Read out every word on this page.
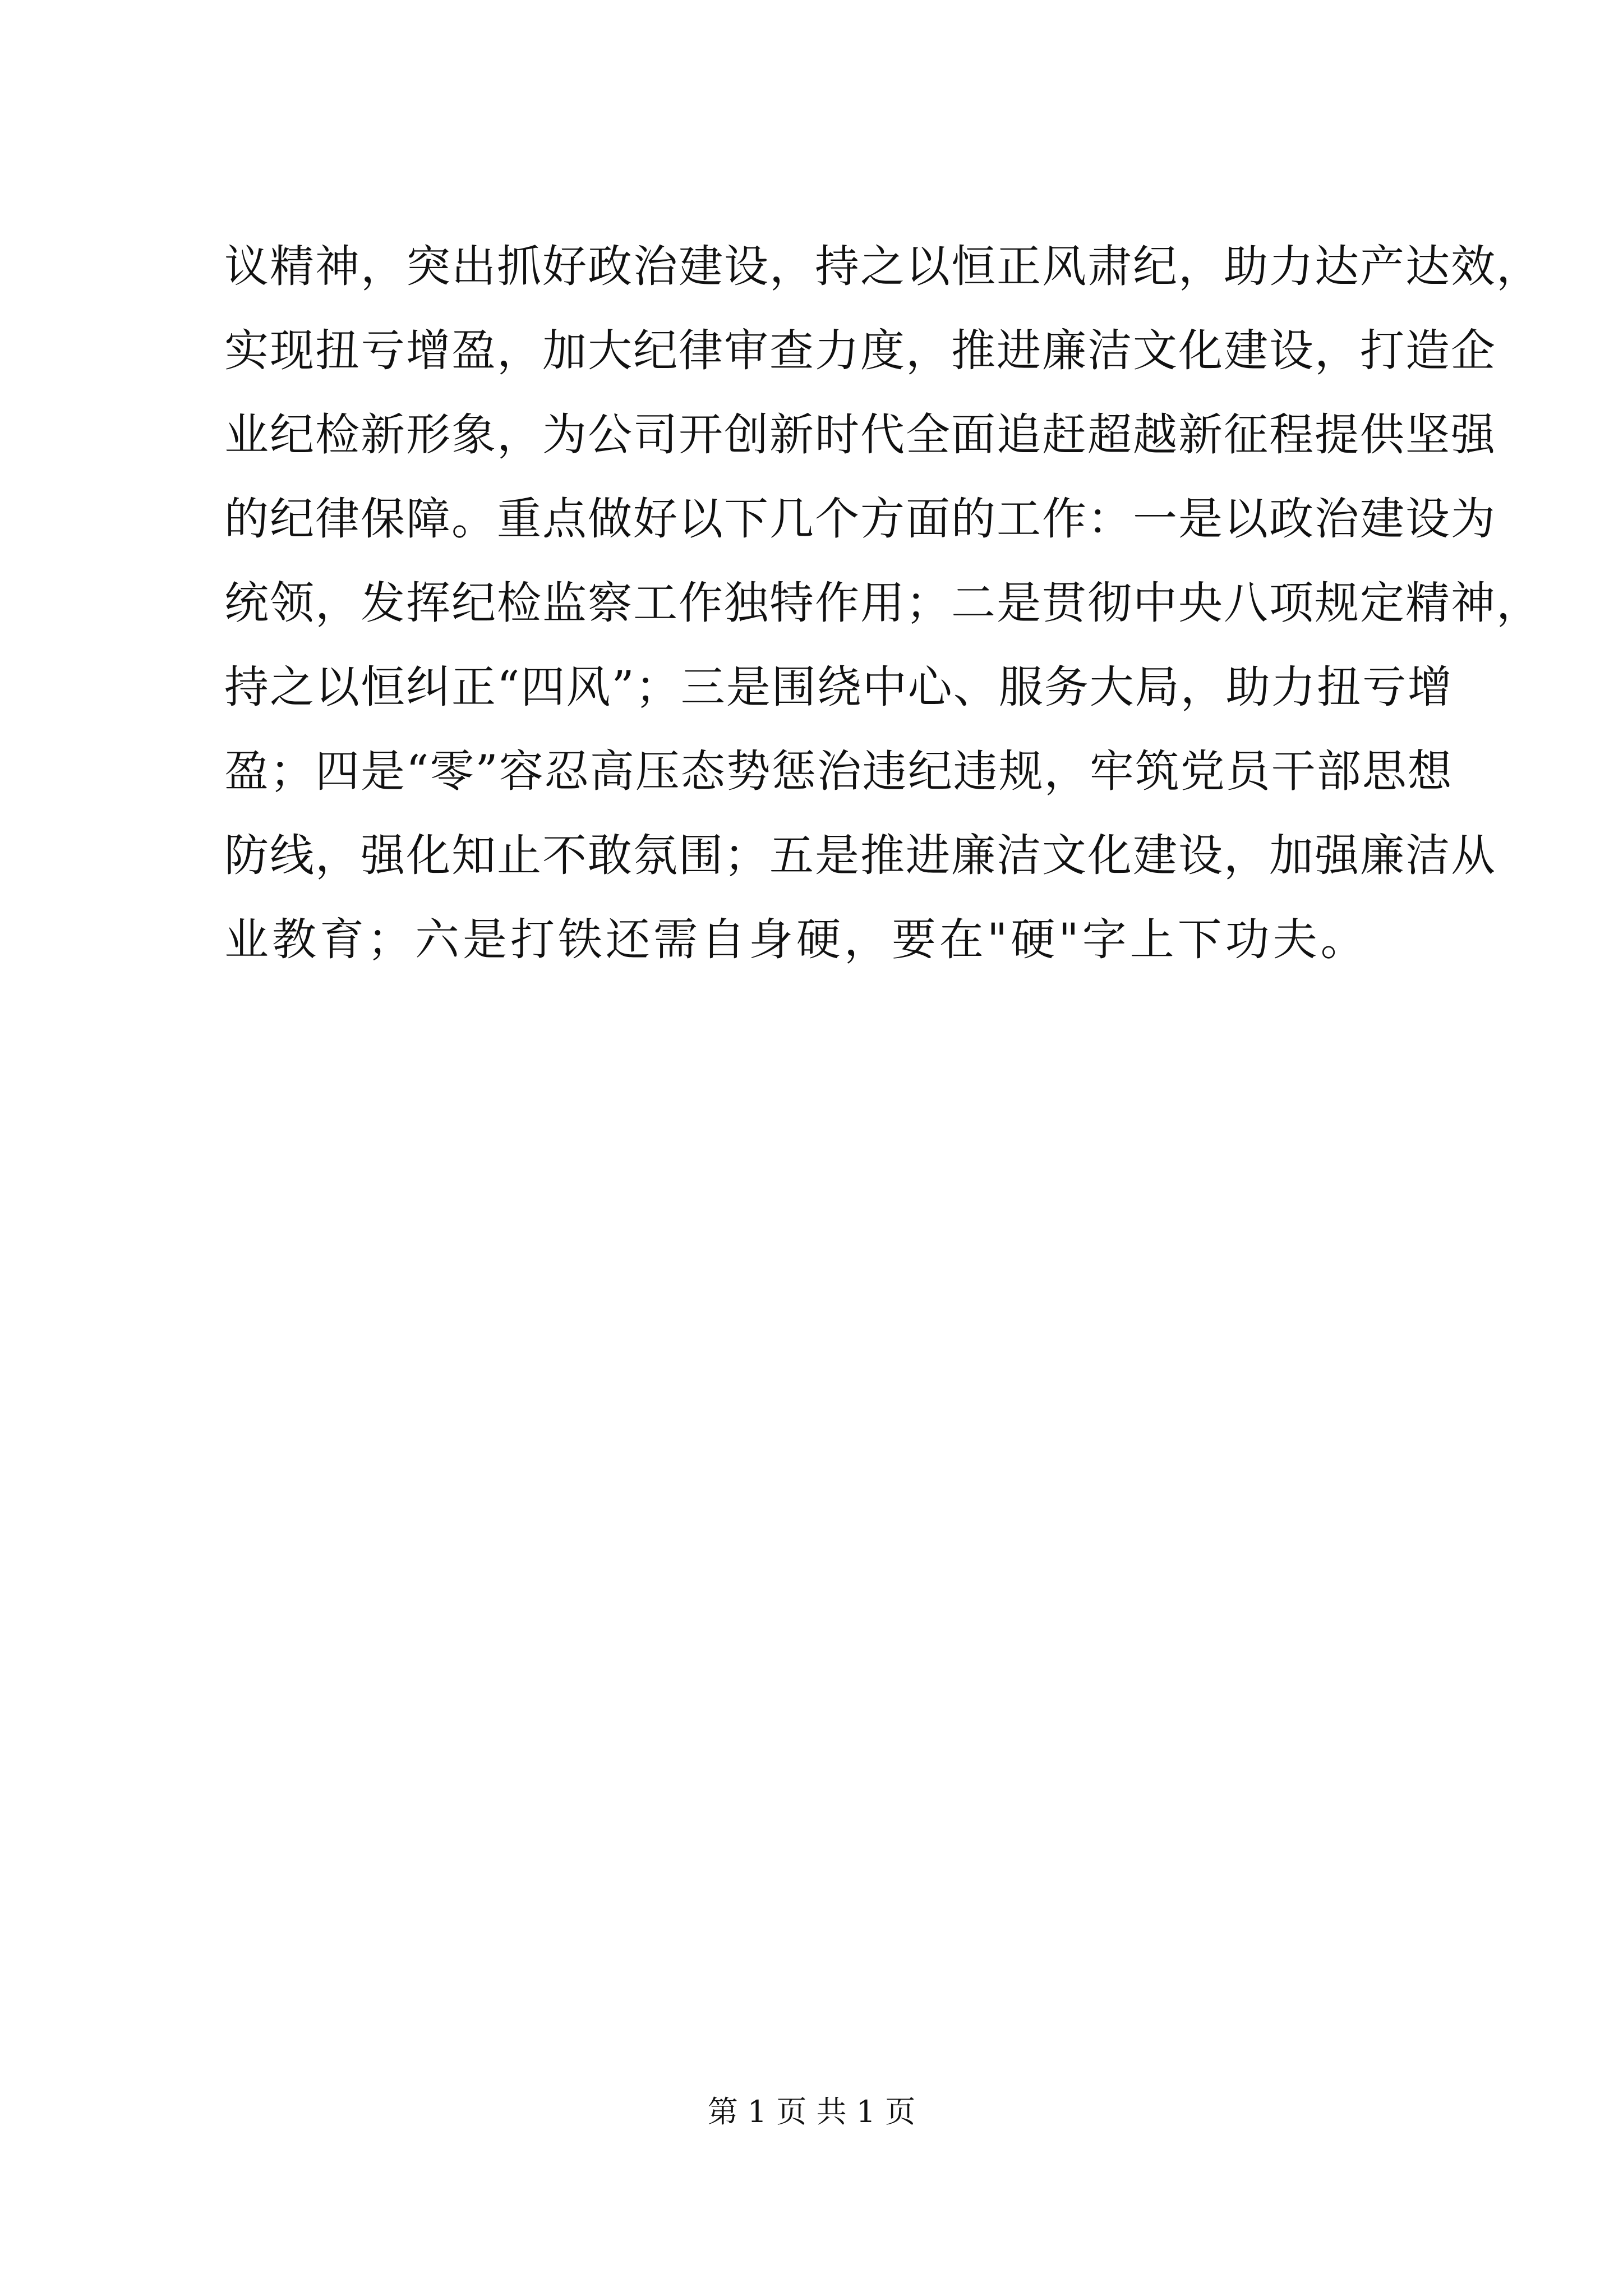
议精神，突出抓好政治建设，持之以恒正风肃纪，助力达产达效，
实现扭亏增盈，加大纪律审查力度，推进廉洁文化建设，打造企
业纪检新形象，为公司开创新时代全面追赶超越新征程提供坚强
的纪律保障。重点做好以下几个方面的工作：一是以政治建设为
统领，发挥纪检监察工作独特作用；二是贯彻中央八项规定精神，
持之以恒纠正“四风”；三是围绕中心、服务大局，助力扭亏增
盈；四是“零”容忍高压态势惩治违纪违规，牢筑党员干部思想
防线，强化知止不敢氛围；五是推进廉洁文化建设，加强廉洁从
业教育；六是打铁还需自身硬，要在"硬"字上下功夫。
第 1 页 共 1 页
